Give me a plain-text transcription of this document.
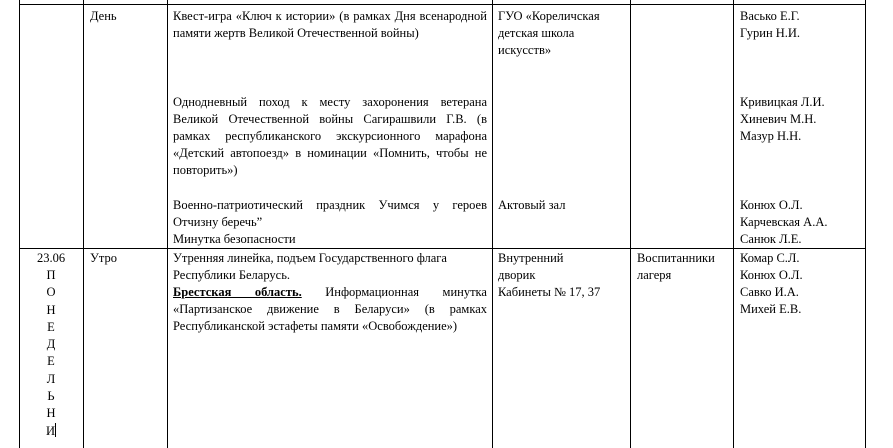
День	Квест-игра «Ключ к истории» (в рамках Дня всенародной памяти жертв Великой Отечественной войны)
Однодневный поход к месту захоронения ветерана Великой Отечественной войны Сагирашвили Г.В. (в рамках республиканского экскурсионного марафона «Детский автопоезд» в номинации «Помнить, чтобы не повторить»)
Военно-патриотический праздник Учимся у героев Отчизну беречь”
Минутка безопасности
ГУО «Кореличская детская школа искусств»
Актовый зал
Васько Е.Г.
Гурин Н.И.
Кривицкая Л.И.
Хиневич М.Н.
Мазур Н.Н.
Конюх О.Л.
Карчевская А.А.
Санюк Л.Е.
23.06
П
О
Н
Е
Д
Е
Л
Ь
Н
И
Утро	Утренняя линейка, подъем Государственного флага Республики Беларусь.
Брестская область. Информационная минутка «Партизанское движение в Беларуси» (в рамках Республиканской эстафеты памяти «Освобождение»)
Внутренний дворик
Кабинеты № 17, 37
Воспитанники лагеря
Комар С.Л.
Конюх О.Л.
Савко И.А.
Михей Е.В.
